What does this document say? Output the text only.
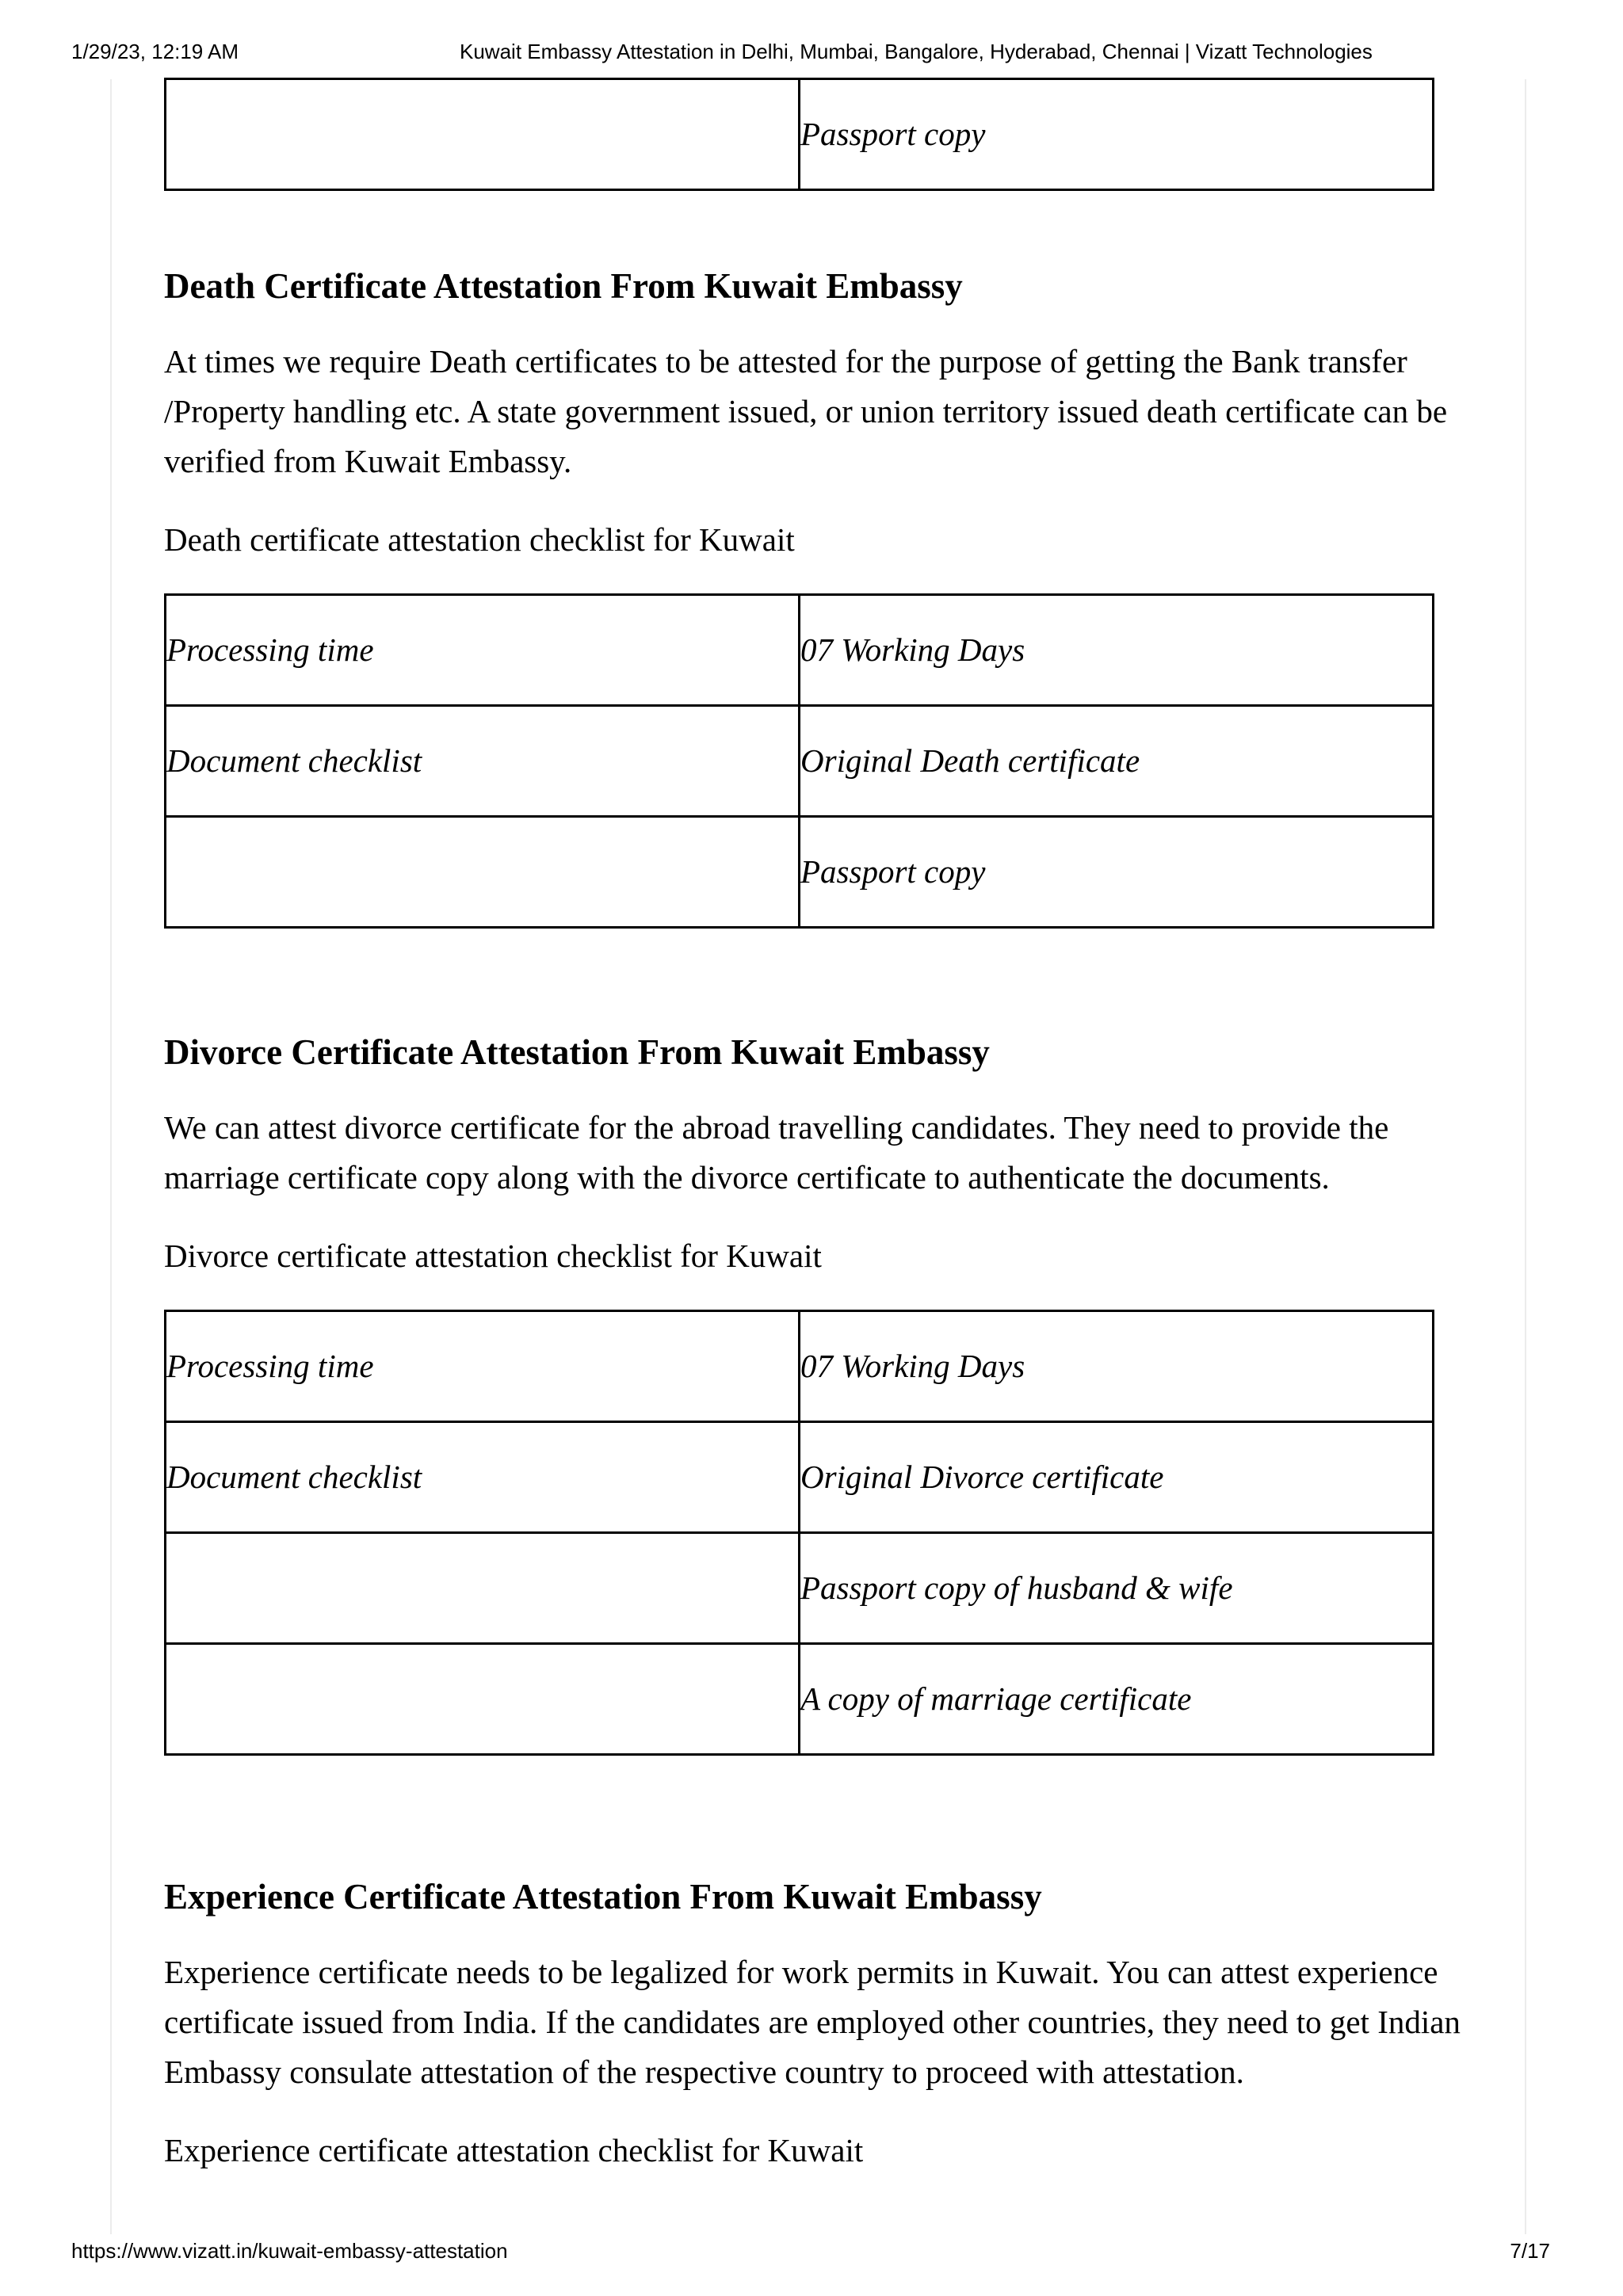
1/29/23, 12:19 AM	Kuwait Embassy Attestation in Delhi, Mumbai, Bangalore, Hyderabad, Chennai | Vizatt Technologies
	Passport copy
Death Certificate Attestation From Kuwait Embassy

At times we require Death certificates to be attested for the purpose of getting the Bank transfer /Property handling etc. A state government issued, or union territory issued death certificate can be verified from Kuwait Embassy.

Death certificate attestation checklist for Kuwait

Processing time	07 Working Days
Document checklist	Original Death certificate
	Passport copy
Divorce Certificate Attestation From Kuwait Embassy

We can attest divorce certificate for the abroad travelling candidates. They need to provide the marriage certificate copy along with the divorce certificate to authenticate the documents.

Divorce certificate attestation checklist for Kuwait

Processing time	07 Working Days
Document checklist	Original Divorce certificate
	Passport copy of husband & wife
	A copy of marriage certificate
Experience Certificate Attestation From Kuwait Embassy

Experience certificate needs to be legalized for work permits in Kuwait. You can attest experience certificate issued from India. If the candidates are employed other countries, they need to get Indian Embassy consulate attestation of the respective country to proceed with attestation.

Experience certificate attestation checklist for Kuwait

https://www.vizatt.in/kuwait-embassy-attestation	7/17
